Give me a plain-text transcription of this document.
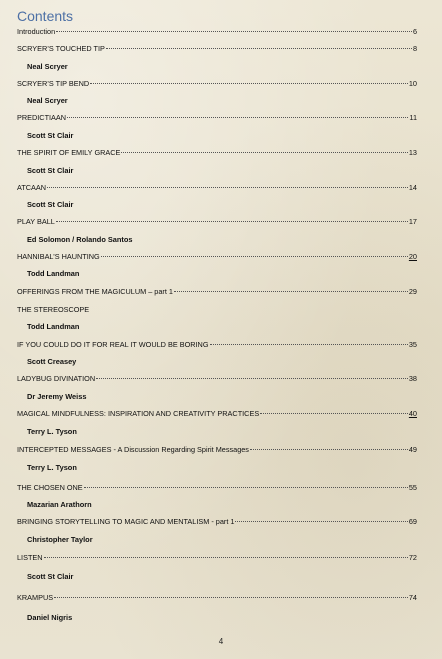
Contents
Introduction	6
SCRYER’S TOUCHED TIP	8
Neal Scryer
SCRYER’S TIP BEND	10
Neal Scryer
PREDICTIAAN	11
Scott St Clair
THE SPIRIT OF EMILY GRACE	13
Scott St Clair
ATCAAN	14
Scott St Clair
PLAY BALL	17
Ed Solomon / Rolando Santos
HANNIBAL’S HAUNTING	20
Todd Landman
OFFERINGS FROM THE MAGICULUM – part 1	29
THE STEREOSCOPE
Todd Landman
IF YOU COULD DO IT FOR REAL IT WOULD BE BORING	35
Scott Creasey
LADYBUG DIVINATION	38
Dr Jeremy Weiss
MAGICAL MINDFULNESS: INSPIRATION AND CREATIVITY PRACTICES	40
Terry L. Tyson
INTERCEPTED MESSAGES - A Discussion Regarding Spirit Messages	49
Terry L. Tyson
THE CHOSEN ONE	55
Mazarian Arathorn
BRINGING STORYTELLING TO MAGIC AND MENTALISM - part 1	69
Christopher Taylor
LISTEN	72
Scott St Clair
KRAMPUS	74
Daniel Nigris
4
